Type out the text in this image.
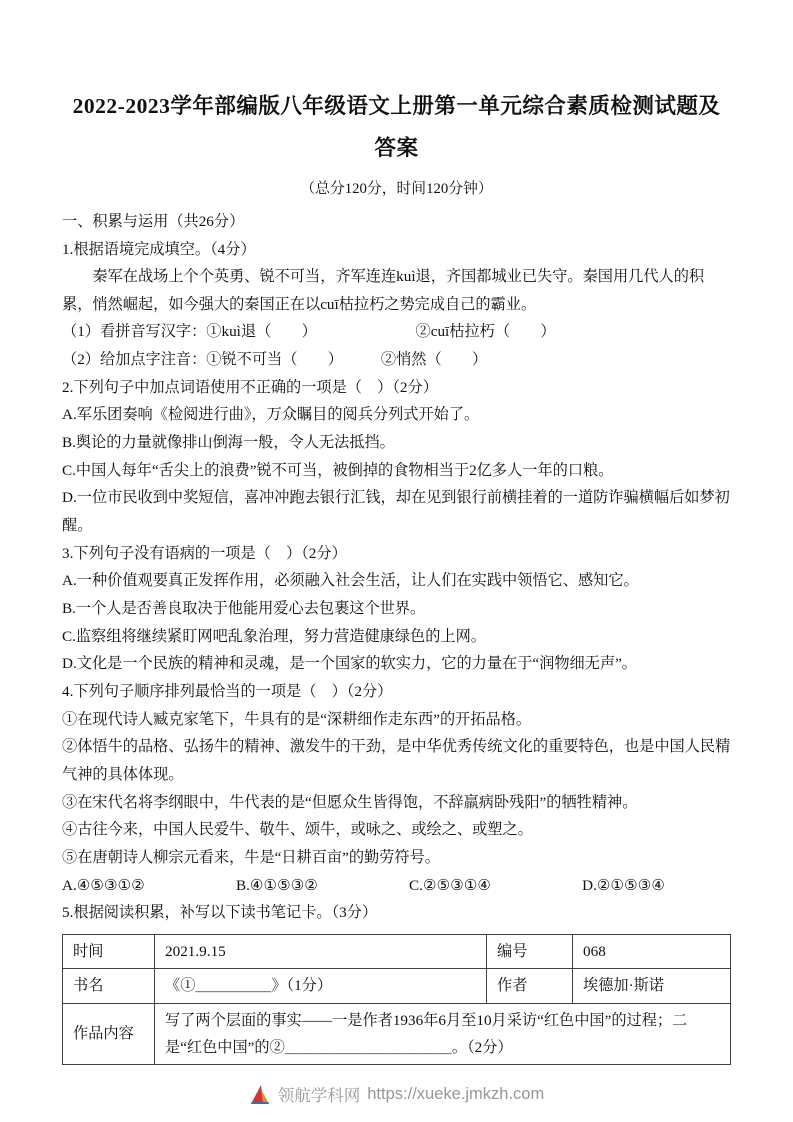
2022-2023学年部编版八年级语文上册第一单元综合素质检测试题及答案
（总分120分，时间120分钟）
一、积累与运用（共26分）
1.根据语境完成填空。（4分）

秦军在战场上个个英勇、锐不可当，齐军连连kuì退，齐国都城业已失守。秦国用几代人的积累，悄然崛起，如今强大的秦国正在以cuī枯拉朽之势完成自己的霸业。

（1）看拼音写汉字：①kuì退（　　）　　　　　　　②cuī枯拉朽（　　）
（2）给加点字注音：①锐不可当（　　）　　　②悄然（　　）
2.下列句子中加点词语使用不正确的一项是（　）（2分）
A.军乐团奏响《检阅进行曲》，万众瞩目的阅兵分列式开始了。
B.舆论的力量就像排山倒海一般，令人无法抵挡。
C.中国人每年“舌尖上的浪费”锐不可当，被倒掉的食物相当于2亿多人一年的口粮。
D.一位市民收到中奖短信，喜冲冲跑去银行汇钱，却在见到银行前横挂着的一道防诈骗横幅后如梦初醒。
3.下列句子没有语病的一项是（　）（2分）
A.一种价值观要真正发挥作用，必须融入社会生活，让人们在实践中领悟它、感知它。
B.一个人是否善良取决于他能用爱心去包裹这个世界。
C.监察组将继续紧盯网吧乱象治理，努力营造健康绿色的上网。
D.文化是一个民族的精神和灵魂，是一个国家的软实力，它的力量在于“润物细无声”。
4.下列句子顺序排列最恰当的一项是（　）（2分）
①在现代诗人臧克家笔下，牛具有的是“深耕细作走东西”的开拓品格。
②体悟牛的品格、弘扬牛的精神、激发牛的干劲，是中华优秀传统文化的重要特色，也是中国人民精气神的具体体现。
③在宋代名将李纲眼中，牛代表的是“但愿众生皆得饱，不辞羸病卧残阳”的牺牲精神。
④古往今来，中国人民爱牛、敬牛、颂牛，或咏之、或绘之、或塑之。
⑤在唐朝诗人柳宗元看来，牛是“日耕百亩”的勤劳符号。
A.④⑤③①②	B.④①⑤③②	C.②⑤③①④	D.②①⑤③④
5.根据阅读积累，补写以下读书笔记卡。（3分）
时间	2021.9.15	编号	068
书名	《①＿＿＿＿＿》（1分）	作者	埃德加·斯诺
作品内容	写了两个层面的事实——一是作者1936年6月至10月采访“红色中国”的过程；二是“红色中国”的②＿＿＿＿＿＿＿＿＿＿＿。（2分）		
领航学科网 https://xueke.jmkzh.com
